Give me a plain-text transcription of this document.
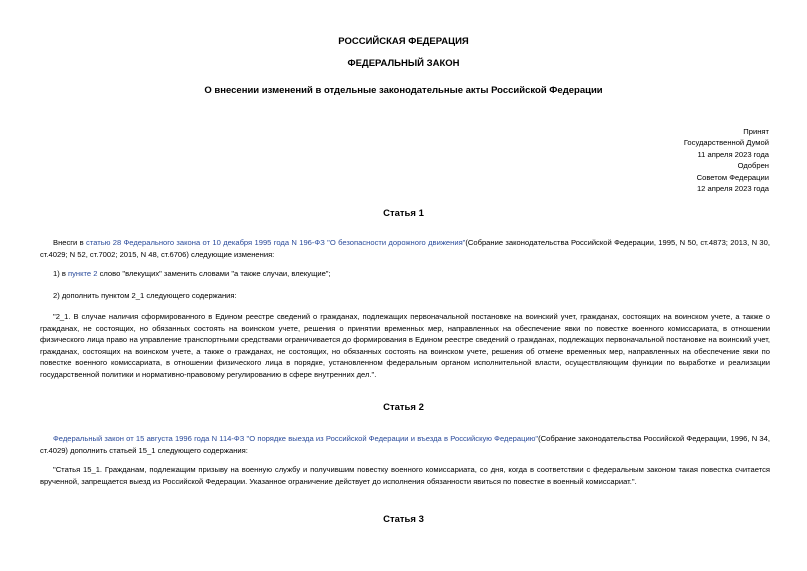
РОССИЙСКАЯ ФЕДЕРАЦИЯ
ФЕДЕРАЛЬНЫЙ ЗАКОН
О внесении изменений в отдельные законодательные акты Российской Федерации
Принят
Государственной Думой
11 апреля 2023 года
Одобрен
Советом Федерации
12 апреля 2023 года
Статья 1
Внесги в статью 28 Федерального закона от 10 декабря 1995 года N 196-ФЗ "О безопасности дорожного движения"(Собрание законодательства Российской Федерации, 1995, N 50, ст.4873; 2013, N 30, ст.4029; N 52, ст.7002; 2015, N 48, ст.6706) следующие изменения:
1) в пункте 2 слово "влекущих" заменить словами "а также случаи, влекущие";
2) дополнить пунктом 2_1 следующего содержания:
"2_1. В случае наличия сформированного в Едином реестре сведений о гражданах, подлежащих первоначальной постановке на воинский учет, гражданах, состоящих на воинском учете, а также о гражданах, не состоящих, но обязанных состоять на воинском учете, решения о принятии временных мер, направленных на обеспечение явки по повестке военного комиссариата, в отношении физического лица право на управление транспортными средствами ограничивается до формирования в Едином реестре сведений о гражданах, подлежащих первоначальной постановке на воинский учет, гражданах, состоящих на воинском учете, а также о гражданах, не состоящих, но обязанных состоять на воинском учете, решения об отмене временных мер, направленных на обеспечение явки по повестке военного комиссариата, в отношении физического лица в порядке, установленном федеральным органом исполнительной власти, осуществляющим функции по выработке и реализации государственной политики и нормативно-правовому регулированию в сфере внутренних дел.".
Статья 2
Федеральный закон от 15 августа 1996 года N 114-ФЗ "О порядке выезда из Российской Федерации и въезда в Российскую Федерацию"(Собрание законодательства Российской Федерации, 1996, N 34, ст.4029) дополнить статьей 15_1 следующего содержания:
"Статья 15_1. Гражданам, подлежащим призыву на военную службу и получившим повестку военного комиссариата, со дня, когда в соответствии с федеральным законом такая повестка считается врученной, запрещается выезд из Российской Федерации. Указанное ограничение действует до исполнения обязанности явиться по повестке в военный комиссариат.".
Статья 3
